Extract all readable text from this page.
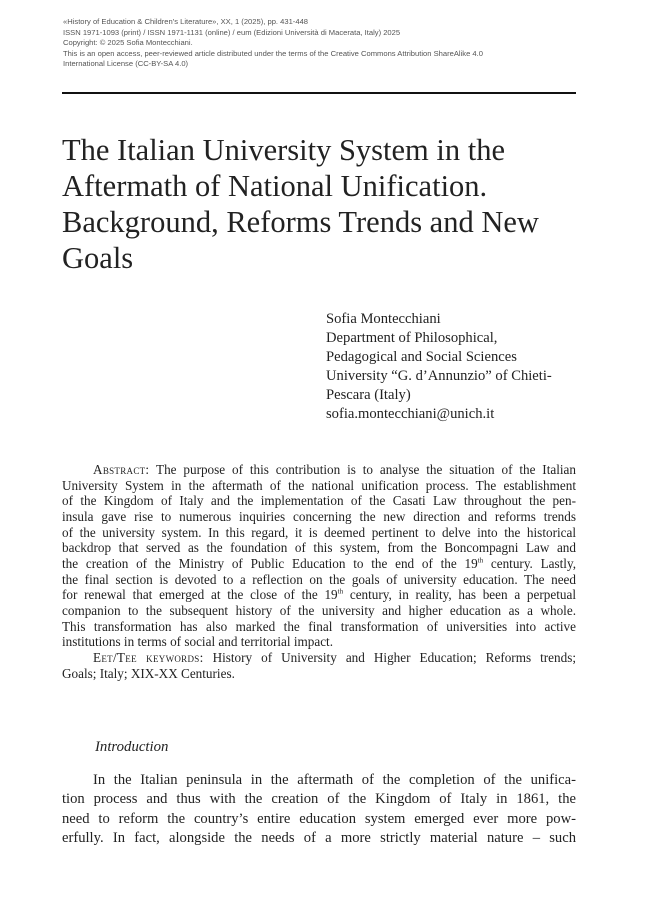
«History of Education & Children's Literature», XX, 1 (2025), pp. 431-448
ISSN 1971-1093 (print) / ISSN 1971-1131 (online) / eum (Edizioni Università di Macerata, Italy) 2025
Copyright: © 2025 Sofia Montecchiani.
This is an open access, peer-reviewed article distributed under the terms of the Creative Commons Attribution ShareAlike 4.0
International License (CC-BY-SA 4.0)
The Italian University System in the
Aftermath of National Unification.
Background, Reforms Trends and New
Goals
Sofia Montecchiani
Department of Philosophical,
Pedagogical and Social Sciences
University “G. d’Annunzio” of Chieti-
Pescara (Italy)
sofia.montecchiani@unich.it

Abstract: The purpose of this contribution is to analyse the situation of the Italian
University System in the aftermath of the national unification process. The establishment
of the Kingdom of Italy and the implementation of the Casati Law throughout the pen-
insula gave rise to numerous inquiries concerning the new direction and reforms trends
of the university system. In this regard, it is deemed pertinent to delve into the historical
backdrop that served as the foundation of this system, from the Boncompagni Law and
the creation of the Ministry of Public Education to the end of the 19th century. Lastly,
the final section is devoted to a reflection on the goals of university education. The need
for renewal that emerged at the close of the 19th century, in reality, has been a perpetual
companion to the subsequent history of the university and higher education as a whole.
This transformation has also marked the final transformation of universities into active
institutions in terms of social and territorial impact.

Eet/Tee keywords: History of University and Higher Education; Reforms trends;
Goals; Italy; XIX-XX Centuries.

Introduction
In the Italian peninsula in the aftermath of the completion of the unifica-
tion process and thus with the creation of the Kingdom of Italy in 1861, the
need to reform the country’s entire education system emerged ever more pow-
erfully. In fact, alongside the needs of a more strictly material nature – such
